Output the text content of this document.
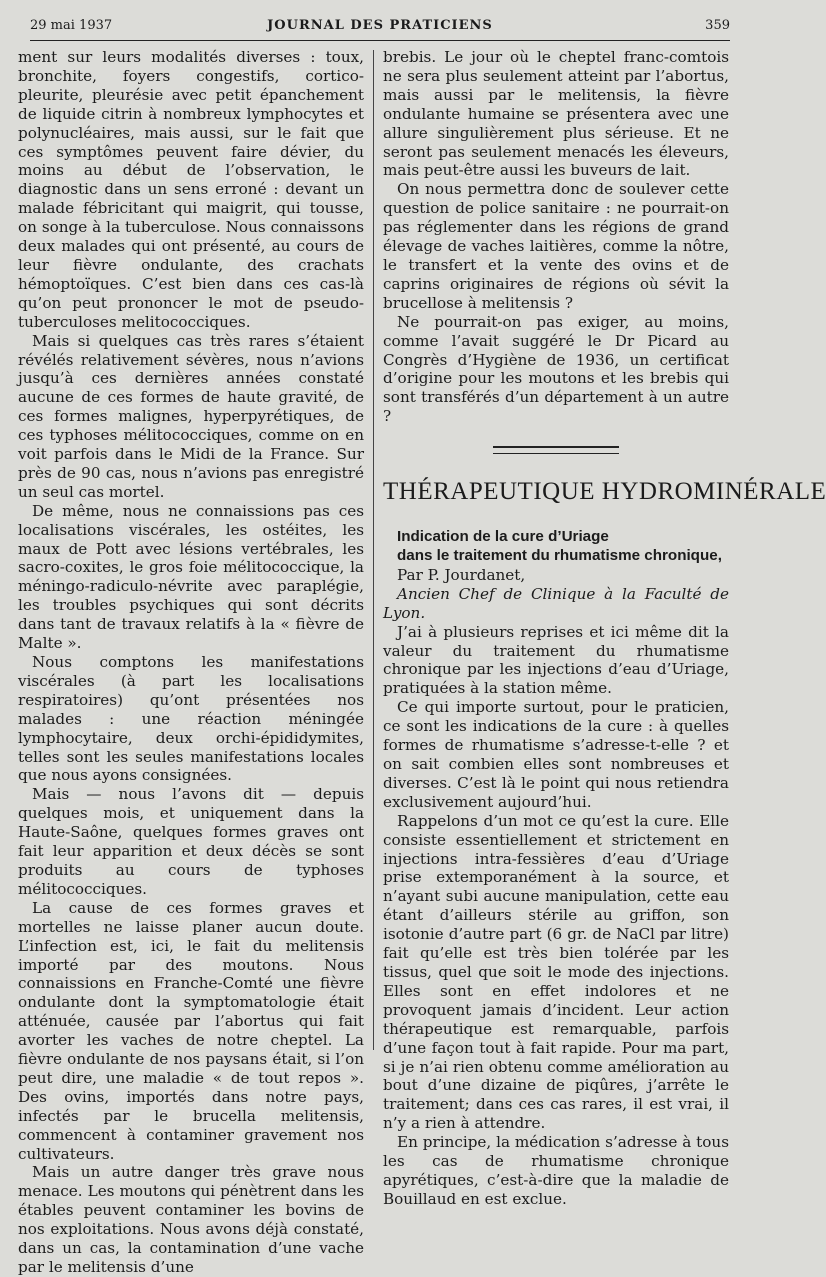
29 mai 1937	JOURNAL DES PRATICIENS	359

ment sur leurs modalités diverses : toux, bronchite, foyers congestifs, cortico-pleurite, pleurésie avec petit épanchement de liquide citrin à nombreux lymphocytes et polynucléaires, mais aussi, sur le fait que ces symptômes peuvent faire dévier, du moins au début de l’observation, le diagnostic dans un sens erroné : devant un malade fébricitant qui maigrit, qui tousse, on songe à la tuberculose. Nous connaissons deux malades qui ont présenté, au cours de leur fièvre ondulante, des crachats hémoptoïques. C’est bien dans ces cas-là qu’on peut prononcer le mot de pseudo-tuberculoses melitococciques.

Mais si quelques cas très rares s’étaient révélés relativement sévères, nous n’avions jusqu’à ces dernières années constaté aucune de ces formes de haute gravité, de ces formes malignes, hyperpyrétiques, de ces typhoses mélitococciques, comme on en voit parfois dans le Midi de la France. Sur près de 90 cas, nous n’avions pas enregistré un seul cas mortel.

De même, nous ne connaissions pas ces localisations viscérales, les ostéites, les maux de Pott avec lésions vertébrales, les sacro-coxites, le gros foie mélitococcique, la méningo-radiculo-névrite avec paraplégie, les troubles psychiques qui sont décrits dans tant de travaux relatifs à la « fièvre de Malte ».

Nous comptons les manifestations viscérales (à part les localisations respiratoires) qu’ont présentées nos malades : une réaction méningée lymphocytaire, deux orchi-épididymites, telles sont les seules manifestations locales que nous ayons consignées.

Mais — nous l’avons dit — depuis quelques mois, et uniquement dans la Haute-Saône, quelques formes graves ont fait leur apparition et deux décès se sont produits au cours de typhoses mélitococciques.

La cause de ces formes graves et mortelles ne laisse planer aucun doute. L’infection est, ici, le fait du melitensis importé par des moutons. Nous connaissions en Franche-Comté une fièvre ondulante dont la symptomatologie était atténuée, causée par l’abortus qui fait avorter les vaches de notre cheptel. La fièvre ondulante de nos paysans était, si l’on peut dire, une maladie « de tout repos ». Des ovins, importés dans notre pays, infectés par le brucella melitensis, commencent à contaminer gravement nos cultivateurs.

Mais un autre danger très grave nous menace. Les moutons qui pénètrent dans les étables peuvent contaminer les bovins de nos exploitations. Nous avons déjà constaté, dans un cas, la contamination d’une vache par le melitensis d’une

brebis. Le jour où le cheptel franc-comtois ne sera plus seulement atteint par l’abortus, mais aussi par le melitensis, la fièvre ondulante humaine se présentera avec une allure singulièrement plus sérieuse. Et ne seront pas seulement menacés les éleveurs, mais peut-être aussi les buveurs de lait.

On nous permettra donc de soulever cette question de police sanitaire : ne pourrait-on pas réglementer dans les régions de grand élevage de vaches laitières, comme la nôtre, le transfert et la vente des ovins et de caprins originaires de régions où sévit la brucellose à melitensis ?

Ne pourrait-on pas exiger, au moins, comme l’avait suggéré le Dr Picard au Congrès d’Hygiène de 1936, un certificat d’origine pour les moutons et les brebis qui sont transférés d’un département à un autre ?

THÉRAPEUTIQUE HYDROMINÉRALE

Indication de la cure d’Uriage

dans le traitement du rhumatisme chronique,

Par P. Jourdanet,

Ancien Chef de Clinique à la Faculté de Lyon.

J’ai à plusieurs reprises et ici même dit la valeur du traitement du rhumatisme chronique par les injections d’eau d’Uriage, pratiquées à la station même.

Ce qui importe surtout, pour le praticien, ce sont les indications de la cure : à quelles formes de rhumatisme s’adresse-t-elle ? et on sait combien elles sont nombreuses et diverses. C’est là le point qui nous retiendra exclusivement aujourd’hui.

Rappelons d’un mot ce qu’est la cure. Elle consiste essentiellement et strictement en injections intra-fessières d’eau d’Uriage prise extemporanément à la source, et n’ayant subi aucune manipulation, cette eau étant d’ailleurs stérile au griffon, son isotonie d’autre part (6 gr. de NaCl par litre) fait qu’elle est très bien tolérée par les tissus, quel que soit le mode des injections. Elles sont en effet indolores et ne provoquent jamais d’incident. Leur action thérapeutique est remarquable, parfois d’une façon tout à fait rapide. Pour ma part, si je n’ai rien obtenu comme amélioration au bout d’une dizaine de piqûres, j’arrête le traitement; dans ces cas rares, il est vrai, il n’y a rien à attendre.

En principe, la médication s’adresse à tous les cas de rhumatisme chronique apyrétiques, c’est-à-dire que la maladie de Bouillaud en est exclue.
